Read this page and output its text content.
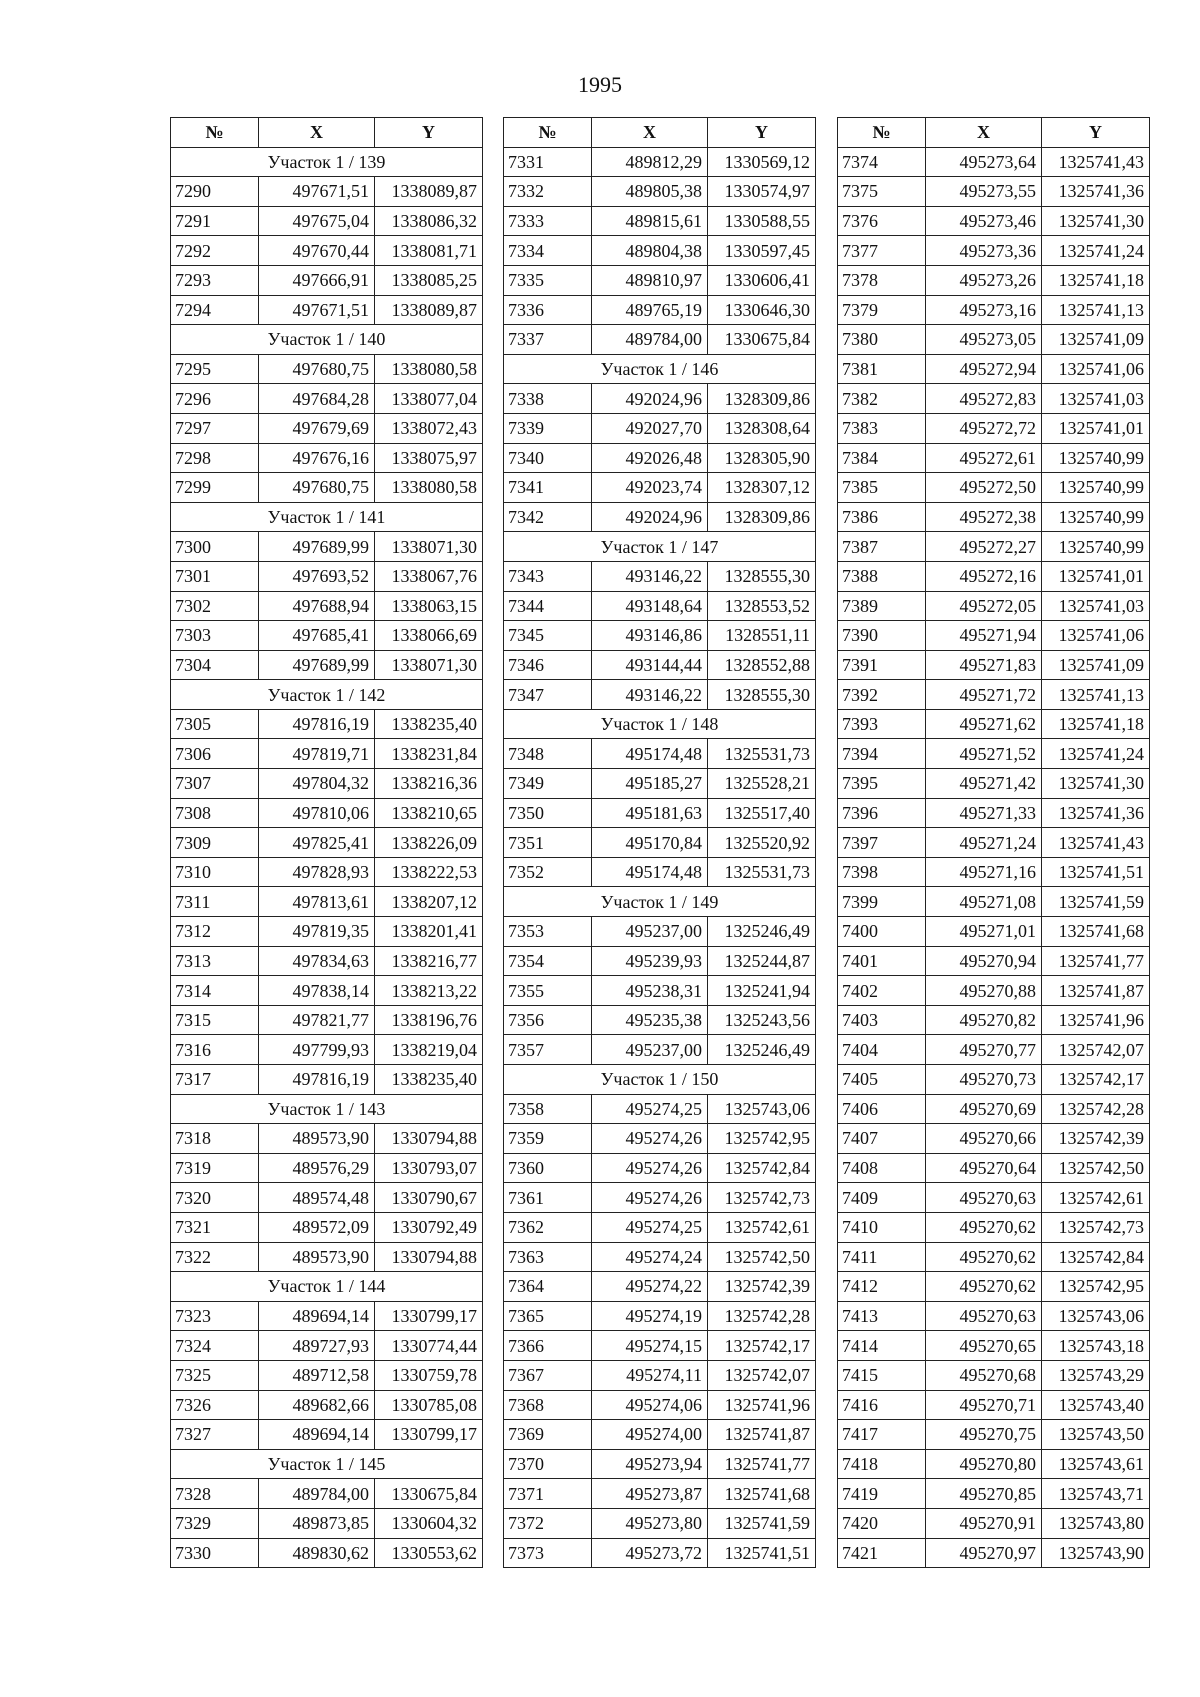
1995
№	X	Y
Участок 1 / 139		
7290	497671,51	1338089,87
7291	497675,04	1338086,32
7292	497670,44	1338081,71
7293	497666,91	1338085,25
7294	497671,51	1338089,87
Участок 1 / 140		
7295	497680,75	1338080,58
7296	497684,28	1338077,04
7297	497679,69	1338072,43
7298	497676,16	1338075,97
7299	497680,75	1338080,58
Участок 1 / 141		
7300	497689,99	1338071,30
7301	497693,52	1338067,76
7302	497688,94	1338063,15
7303	497685,41	1338066,69
7304	497689,99	1338071,30
Участок 1 / 142		
7305	497816,19	1338235,40
7306	497819,71	1338231,84
7307	497804,32	1338216,36
7308	497810,06	1338210,65
7309	497825,41	1338226,09
7310	497828,93	1338222,53
7311	497813,61	1338207,12
7312	497819,35	1338201,41
7313	497834,63	1338216,77
7314	497838,14	1338213,22
7315	497821,77	1338196,76
7316	497799,93	1338219,04
7317	497816,19	1338235,40
Участок 1 / 143		
7318	489573,90	1330794,88
7319	489576,29	1330793,07
7320	489574,48	1330790,67
7321	489572,09	1330792,49
7322	489573,90	1330794,88
Участок 1 / 144		
7323	489694,14	1330799,17
7324	489727,93	1330774,44
7325	489712,58	1330759,78
7326	489682,66	1330785,08
7327	489694,14	1330799,17
Участок 1 / 145		
7328	489784,00	1330675,84
7329	489873,85	1330604,32
7330	489830,62	1330553,62
№	X	Y
7331	489812,29	1330569,12
7332	489805,38	1330574,97
7333	489815,61	1330588,55
7334	489804,38	1330597,45
7335	489810,97	1330606,41
7336	489765,19	1330646,30
7337	489784,00	1330675,84
Участок 1 / 146		
7338	492024,96	1328309,86
7339	492027,70	1328308,64
7340	492026,48	1328305,90
7341	492023,74	1328307,12
7342	492024,96	1328309,86
Участок 1 / 147		
7343	493146,22	1328555,30
7344	493148,64	1328553,52
7345	493146,86	1328551,11
7346	493144,44	1328552,88
7347	493146,22	1328555,30
Участок 1 / 148		
7348	495174,48	1325531,73
7349	495185,27	1325528,21
7350	495181,63	1325517,40
7351	495170,84	1325520,92
7352	495174,48	1325531,73
Участок 1 / 149		
7353	495237,00	1325246,49
7354	495239,93	1325244,87
7355	495238,31	1325241,94
7356	495235,38	1325243,56
7357	495237,00	1325246,49
Участок 1 / 150		
7358	495274,25	1325743,06
7359	495274,26	1325742,95
7360	495274,26	1325742,84
7361	495274,26	1325742,73
7362	495274,25	1325742,61
7363	495274,24	1325742,50
7364	495274,22	1325742,39
7365	495274,19	1325742,28
7366	495274,15	1325742,17
7367	495274,11	1325742,07
7368	495274,06	1325741,96
7369	495274,00	1325741,87
7370	495273,94	1325741,77
7371	495273,87	1325741,68
7372	495273,80	1325741,59
7373	495273,72	1325741,51
№	X	Y
7374	495273,64	1325741,43
7375	495273,55	1325741,36
7376	495273,46	1325741,30
7377	495273,36	1325741,24
7378	495273,26	1325741,18
7379	495273,16	1325741,13
7380	495273,05	1325741,09
7381	495272,94	1325741,06
7382	495272,83	1325741,03
7383	495272,72	1325741,01
7384	495272,61	1325740,99
7385	495272,50	1325740,99
7386	495272,38	1325740,99
7387	495272,27	1325740,99
7388	495272,16	1325741,01
7389	495272,05	1325741,03
7390	495271,94	1325741,06
7391	495271,83	1325741,09
7392	495271,72	1325741,13
7393	495271,62	1325741,18
7394	495271,52	1325741,24
7395	495271,42	1325741,30
7396	495271,33	1325741,36
7397	495271,24	1325741,43
7398	495271,16	1325741,51
7399	495271,08	1325741,59
7400	495271,01	1325741,68
7401	495270,94	1325741,77
7402	495270,88	1325741,87
7403	495270,82	1325741,96
7404	495270,77	1325742,07
7405	495270,73	1325742,17
7406	495270,69	1325742,28
7407	495270,66	1325742,39
7408	495270,64	1325742,50
7409	495270,63	1325742,61
7410	495270,62	1325742,73
7411	495270,62	1325742,84
7412	495270,62	1325742,95
7413	495270,63	1325743,06
7414	495270,65	1325743,18
7415	495270,68	1325743,29
7416	495270,71	1325743,40
7417	495270,75	1325743,50
7418	495270,80	1325743,61
7419	495270,85	1325743,71
7420	495270,91	1325743,80
7421	495270,97	1325743,90
